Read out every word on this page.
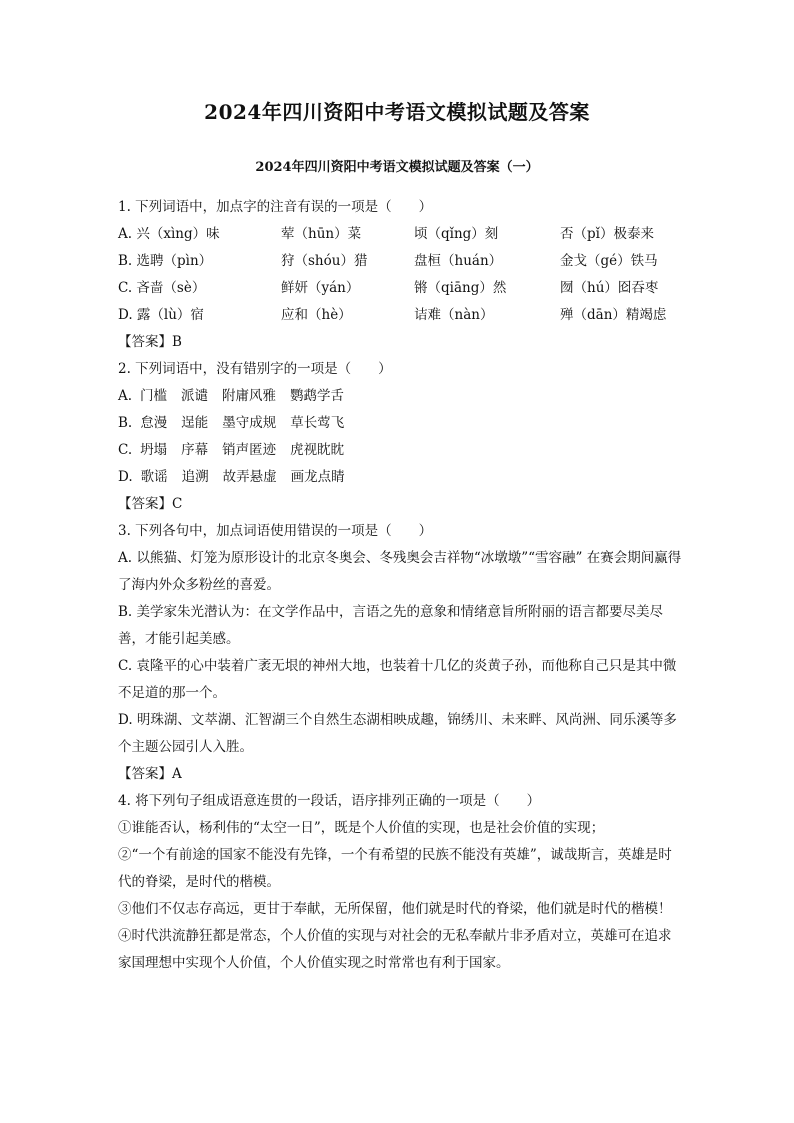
2024年四川资阳中考语文模拟试题及答案
2024年四川资阳中考语文模拟试题及答案（一）
1. 下列词语中，加点字的注音有误的一项是（　　）
A. 兴（xìng）味	荤（hūn）菜	顷（qǐng）刻	否（pǐ）极泰来
B. 选聘（pìn）	狩（shóu）猎	盘桓（huán）	金戈（gé）铁马
C. 吝啬（sè）	鲜妍（yán）	锵（qiāng）然	囫（hú）囵吞枣
D. 露（lù）宿	应和（hè）	诘难（nàn）	殚（dān）精竭虑
【答案】B
2. 下列词语中，没有错别字的一项是（　　）
A. 门槛 派谴 附庸风雅 鹦鹉学舌
B. 怠漫 逞能 墨守成规 草长莺飞
C. 坍塌 序幕 销声匿迹 虎视眈眈
D. 歌谣 追溯 故弄悬虚 画龙点睛
【答案】C
3. 下列各句中，加点词语使用错误的一项是（　　）
A. 以熊猫、灯笼为原形设计的北京冬奥会、冬残奥会吉祥物“冰墩墩”“雪容融” 在赛会期间赢得了海内外众多粉丝的喜爱。
B. 美学家朱光潜认为：在文学作品中，言语之先的意象和情绪意旨所附丽的语言都要尽美尽善，才能引起美感。
C. 袁隆平的心中装着广袤无垠的神州大地，也装着十几亿的炎黄子孙，而他称自己只是其中微不足道的那一个。
D. 明珠湖、文萃湖、汇智湖三个自然生态湖相映成趣，锦绣川、未来畔、风尚洲、同乐溪等多个主题公园引人入胜。
【答案】A
4. 将下列句子组成语意连贯的一段话，语序排列正确的一项是（　　）
①谁能否认，杨利伟的“太空一日”，既是个人价值的实现，也是社会价值的实现；
②“一个有前途的国家不能没有先锋，一个有希望的民族不能没有英雄”，诚哉斯言，英雄是时代的脊梁，是时代的楷模。
③他们不仅志存高远，更甘于奉献，无所保留，他们就是时代的脊梁，他们就是时代的楷模！
④时代洪流静狂都是常态，个人价值的实现与对社会的无私奉献片非矛盾对立，英雄可在追求家国理想中实现个人价值，个人价值实现之时常常也有利于国家。
